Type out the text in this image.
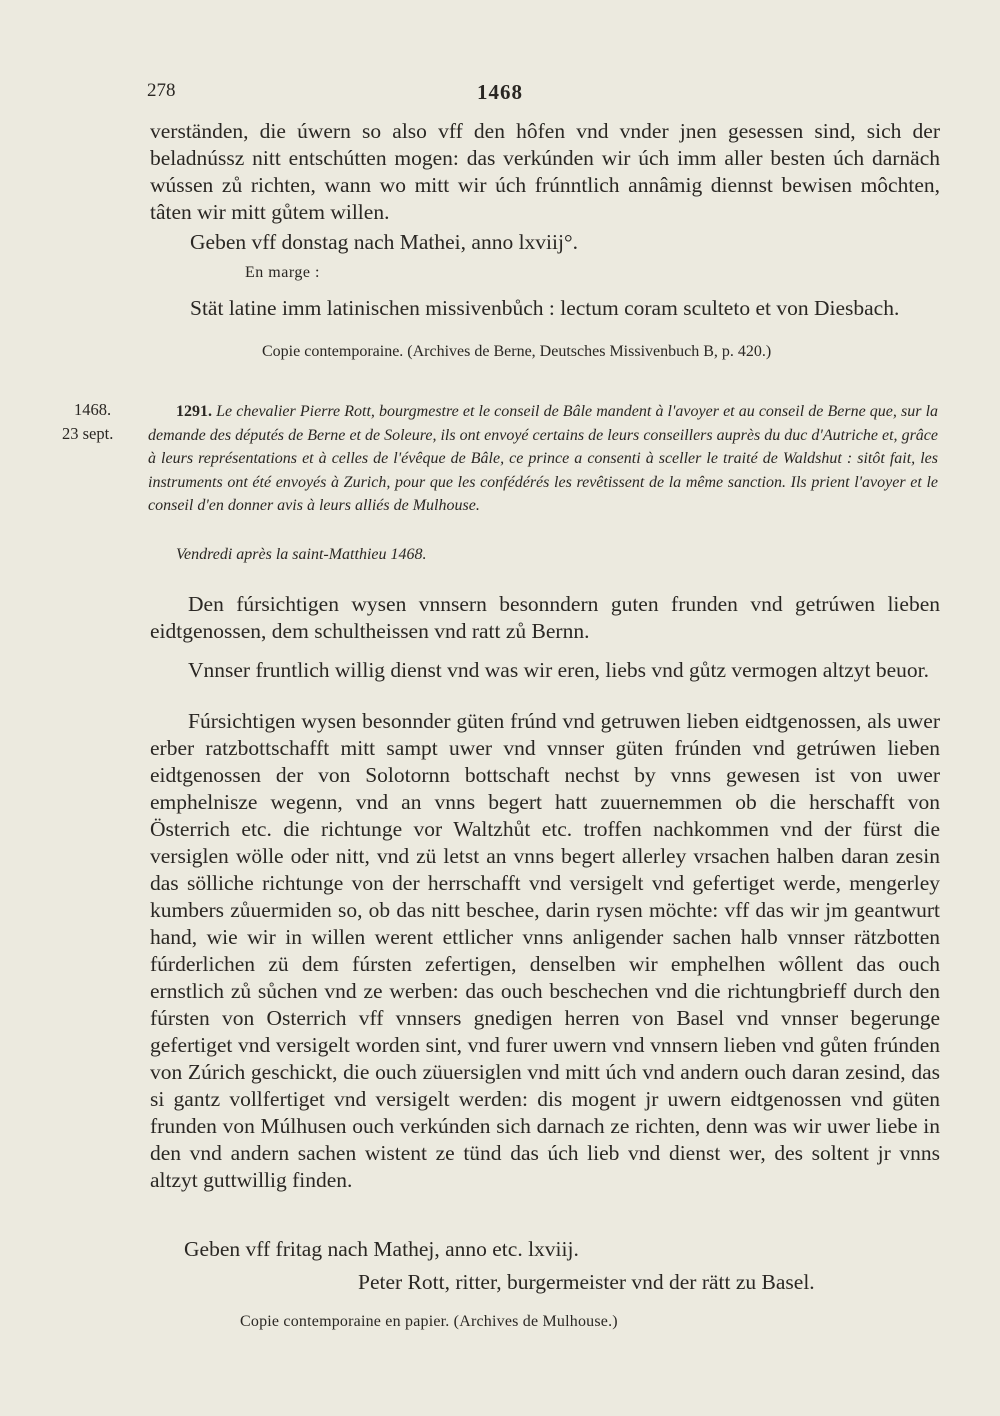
278	1468

verständen, die úwern so also vff den hôfen vnd vnder jnen gesessen sind, sich der beladnússz nitt entschútten mogen: das verkúnden wir úch imm aller besten úch darnäch wússen zů richten, wann wo mitt wir úch frúnntlich annâmig diennst bewisen môchten, tâten wir mitt gůtem willen.

Geben vff donstag nach Mathei, anno lxviij°.
En marge :
Stät latine imm latinischen missivenbůch : lectum coram sculteto et von Diesbach.
Copie contemporaine. (Archives de Berne, Deutsches Missivenbuch B, p. 420.)
1468.
23 sept.

1291. Le chevalier Pierre Rott, bourgmestre et le conseil de Bâle mandent à l'avoyer et au conseil de Berne que, sur la demande des députés de Berne et de Soleure, ils ont envoyé certains de leurs conseillers auprès du duc d'Autriche et, grâce à leurs représentations et à celles de l'évêque de Bâle, ce prince a consenti à sceller le traité de Waldshut : sitôt fait, les instruments ont été envoyés à Zurich, pour que les confédérés les revêtissent de la même sanction. Ils prient l'avoyer et le conseil d'en donner avis à leurs alliés de Mulhouse.

Vendredi après la saint-Matthieu 1468.

Den fúrsichtigen wysen vnnsern besonndern guten frunden vnd getrúwen lieben eidtgenossen, dem schultheissen vnd ratt zů Bernn.

Vnnser fruntlich willig dienst vnd was wir eren, liebs vnd gůtz vermogen altzyt beuor.

Fúrsichtigen wysen besonnder güten frúnd vnd getruwen lieben eidtgenossen, als uwer erber ratzbottschafft mitt sampt uwer vnd vnnser güten frúnden vnd getrúwen lieben eidtgenossen der von Solotornn bottschaft nechst by vnns gewesen ist von uwer emphelnisze wegenn, vnd an vnns begert hatt zuuernemmen ob die herschafft von Österrich etc. die richtunge vor Waltzhůt etc. troffen nachkommen vnd der fürst die versiglen wölle oder nitt, vnd zü letst an vnns begert allerley vrsachen halben daran zesin das sölliche richtunge von der herrschafft vnd versigelt vnd gefertiget werde, mengerley kumbers zůuermiden so, ob das nitt beschee, darin rysen möchte: vff das wir jm geantwurt hand, wie wir in willen werent ettlicher vnns anligender sachen halb vnnser rätzbotten fúrderlichen zü dem fúrsten zefertigen, denselben wir emphelhen wôllent das ouch ernstlich zů sůchen vnd ze werben: das ouch beschechen vnd die richtungbrieff durch den fúrsten von Osterrich vff vnnsers gnedigen herren von Basel vnd vnnser begerunge gefertiget vnd versigelt worden sint, vnd furer uwern vnd vnnsern lieben vnd gůten frúnden von Zúrich geschickt, die ouch züuersiglen vnd mitt úch vnd andern ouch daran zesind, das si gantz vollfertiget vnd versigelt werden: dis mogent jr uwern eidtgenossen vnd güten frunden von Múlhusen ouch verkúnden sich darnach ze richten, denn was wir uwer liebe in den vnd andern sachen wistent ze tünd das úch lieb vnd dienst wer, des soltent jr vnns altzyt guttwillig finden.

Geben vff fritag nach Mathej, anno etc. lxviij.
Peter Rott, ritter, burgermeister vnd der rätt zu Basel.
Copie contemporaine en papier. (Archives de Mulhouse.)
